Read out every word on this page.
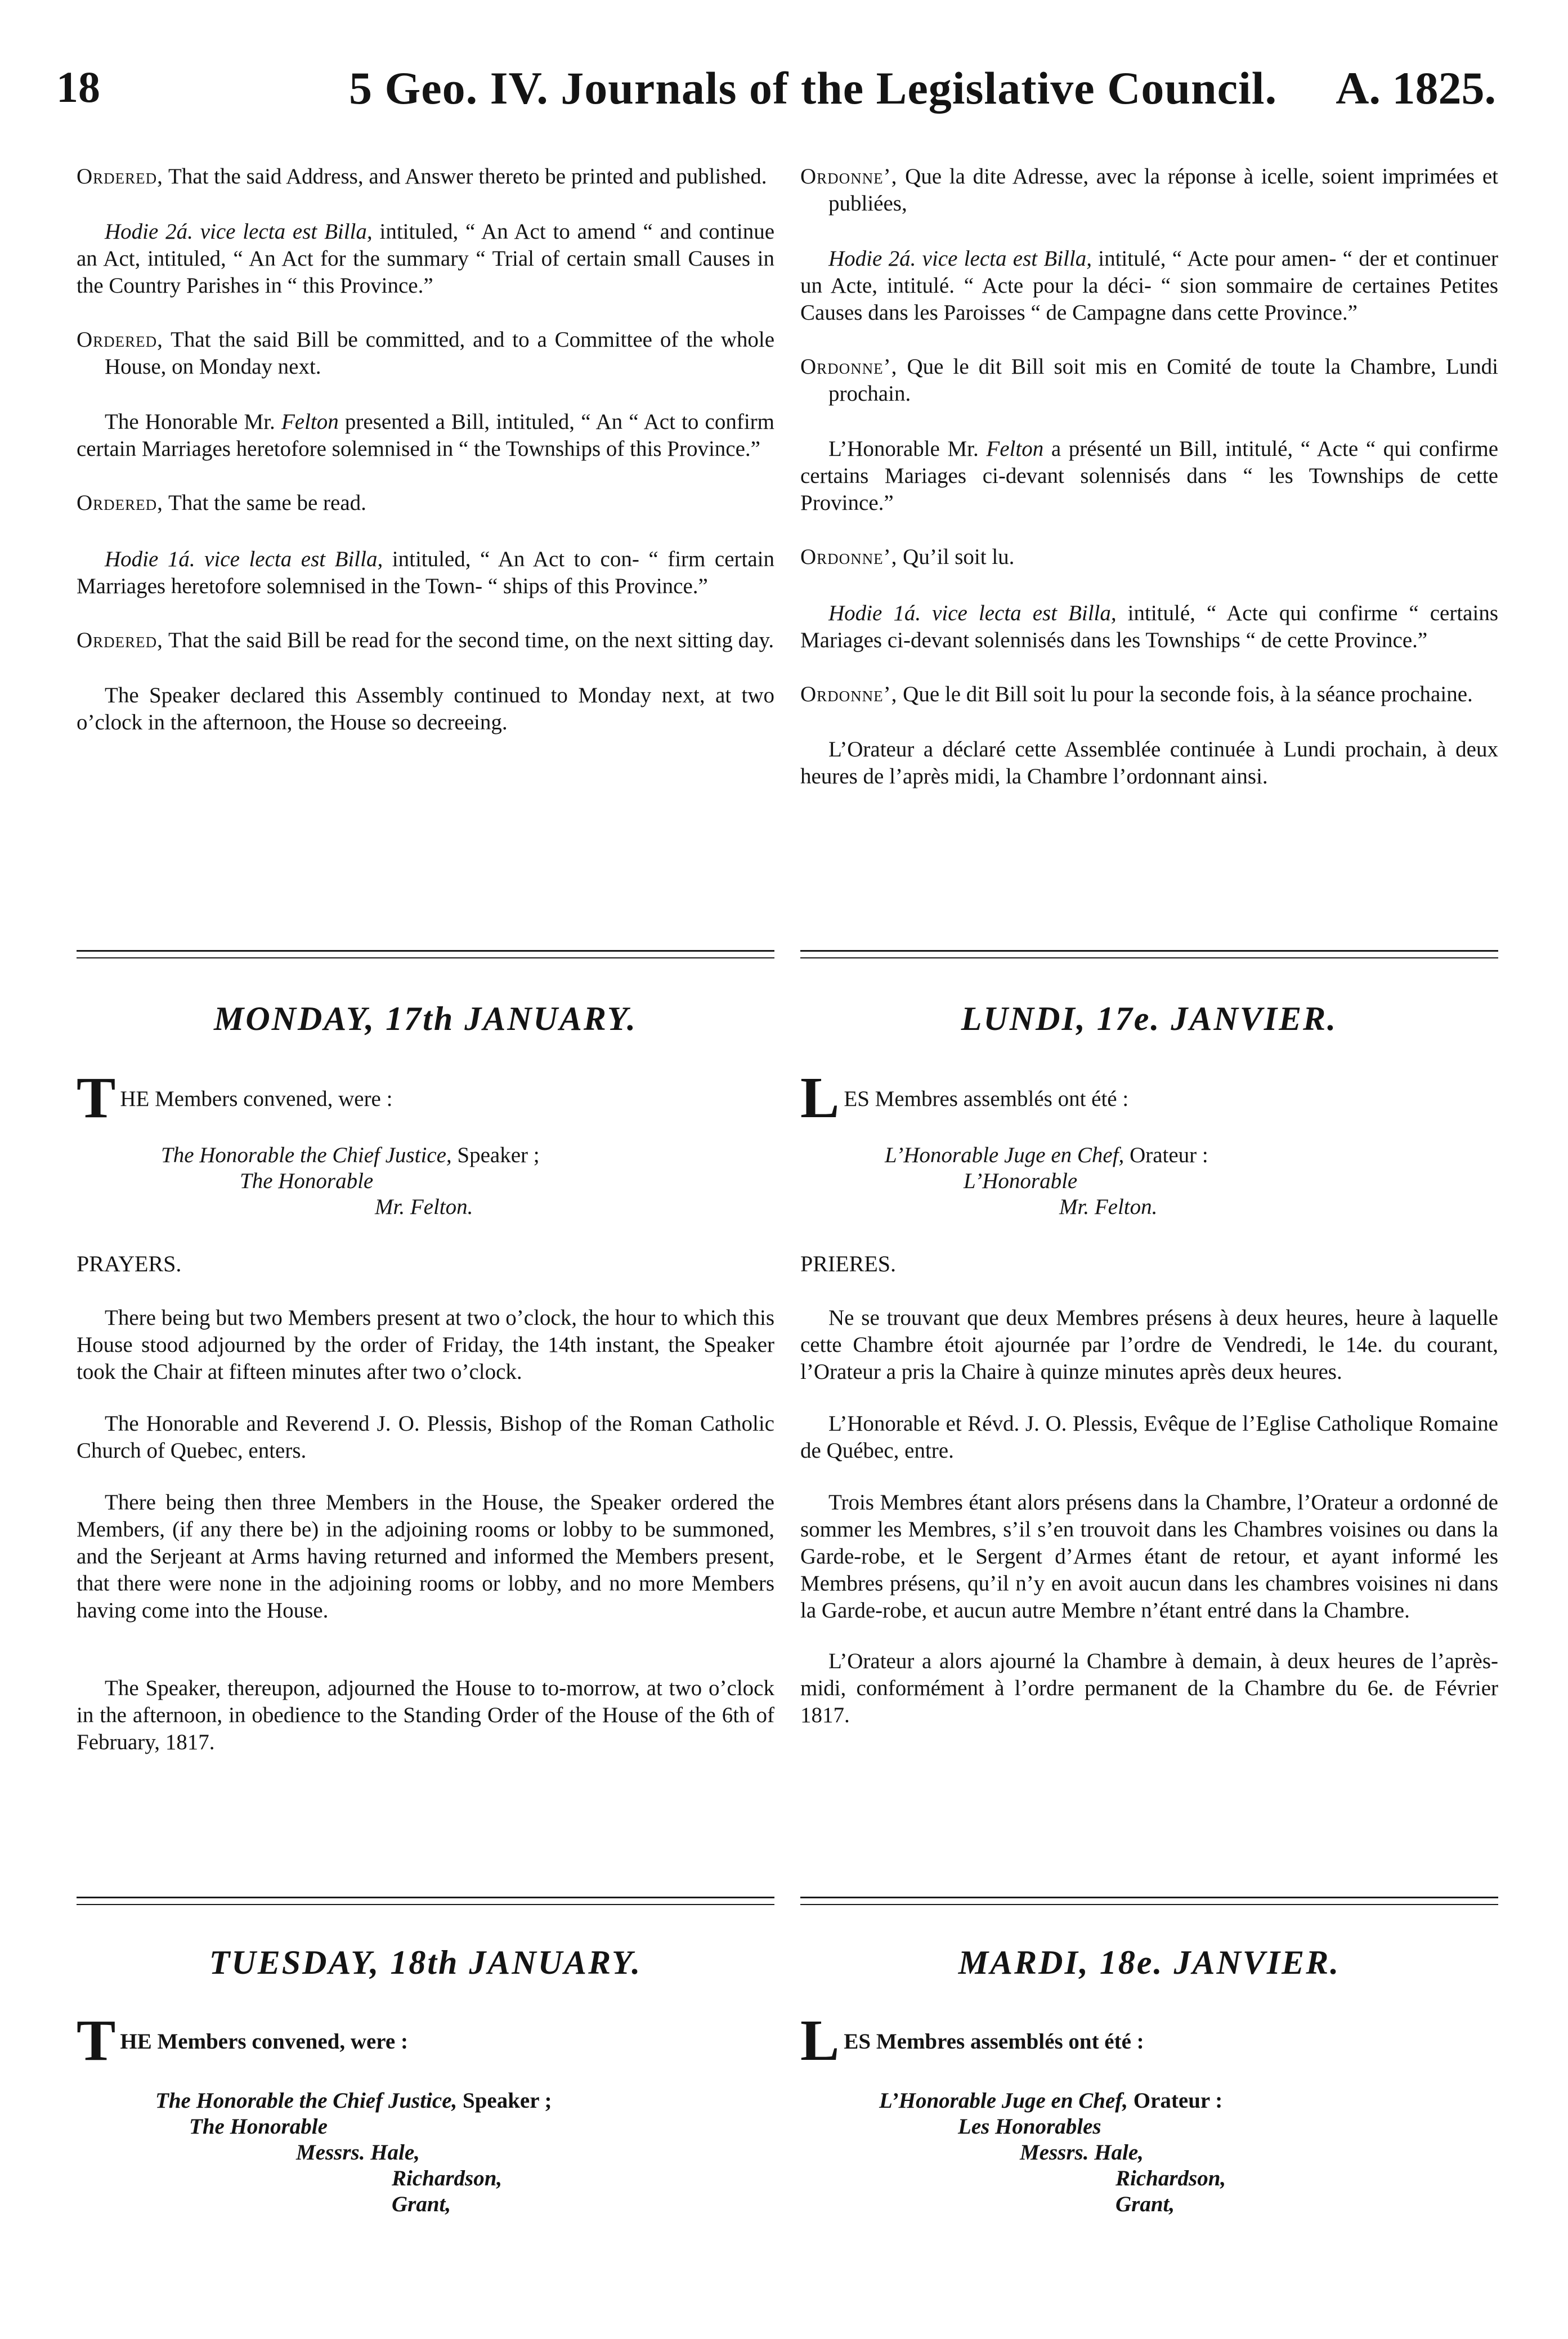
18	5 Geo. IV. Journals of the Legislative Council. A. 1825.

Ordered, That the said Address, and Answer thereto be printed and published.

Hodie 2á. vice lecta est Billa, intituled, “ An Act to amend “ and continue an Act, intituled, “ An Act for the summary “ Trial of certain small Causes in the Country Parishes in “ this Province.”

Ordered, That the said Bill be committed, and to a Committee of the whole House, on Monday next.

The Honorable Mr. Felton presented a Bill, intituled, “ An “ Act to confirm certain Marriages heretofore solemnised in “ the Townships of this Province.”

Ordered, That the same be read.

Hodie 1á. vice lecta est Billa, intituled, “ An Act to con- “ firm certain Marriages heretofore solemnised in the Town- “ ships of this Province.”

Ordered, That the said Bill be read for the second time, on the next sitting day.

The Speaker declared this Assembly continued to Monday next, at two o’clock in the afternoon, the House so decreeing.

Ordonne’, Que la dite Adresse, avec la réponse à icelle, soient imprimées et publiées,

Hodie 2á. vice lecta est Billa, intitulé, “ Acte pour amen- “ der et continuer un Acte, intitulé. “ Acte pour la déci- “ sion sommaire de certaines Petites Causes dans les Paroisses “ de Campagne dans cette Province.”

Ordonne’, Que le dit Bill soit mis en Comité de toute la Chambre, Lundi prochain.

L’Honorable Mr. Felton a présenté un Bill, intitulé, “ Acte “ qui confirme certains Mariages ci-devant solennisés dans “ les Townships de cette Province.”

Ordonne’, Qu’il soit lu.

Hodie 1á. vice lecta est Billa, intitulé, “ Acte qui confirme “ certains Mariages ci-devant solennisés dans les Townships “ de cette Province.”

Ordonne’, Que le dit Bill soit lu pour la seconde fois, à la séance prochaine.

L’Orateur a déclaré cette Assemblée continuée à Lundi prochain, à deux heures de l’après midi, la Chambre l’ordonnant ainsi.

MONDAY, 17th JANUARY.	LUNDI, 17e. JANVIER.
T HE Members convened, were :	L ES Membres assemblés ont été :
The Honorable the Chief Justice, Speaker ;
The Honorable
Mr. Felton.
L’Honorable Juge en Chef, Orateur :
L’Honorable
Mr. Felton.
PRAYERS.	PRIERES.

There being but two Members present at two o’clock, the hour to which this House stood adjourned by the order of Friday, the 14th instant, the Speaker took the Chair at fifteen minutes after two o’clock.

The Honorable and Reverend J. O. Plessis, Bishop of the Roman Catholic Church of Quebec, enters.

There being then three Members in the House, the Speaker ordered the Members, (if any there be) in the adjoining rooms or lobby to be summoned, and the Serjeant at Arms having returned and informed the Members present, that there were none in the adjoining rooms or lobby, and no more Members having come into the House.

The Speaker, thereupon, adjourned the House to to-morrow, at two o’clock in the afternoon, in obedience to the Standing Order of the House of the 6th of February, 1817.

Ne se trouvant que deux Membres présens à deux heures, heure à laquelle cette Chambre étoit ajournée par l’ordre de Vendredi, le 14e. du courant, l’Orateur a pris la Chaire à quinze minutes après deux heures.

L’Honorable et Révd. J. O. Plessis, Evêque de l’Eglise Catholique Romaine de Québec, entre.

Trois Membres étant alors présens dans la Chambre, l’Orateur a ordonné de sommer les Membres, s’il s’en trouvoit dans les Chambres voisines ou dans la Garde-robe, et le Sergent d’Armes étant de retour, et ayant informé les Membres présens, qu’il n’y en avoit aucun dans les chambres voisines ni dans la Garde-robe, et aucun autre Membre n’étant entré dans la Chambre.

L’Orateur a alors ajourné la Chambre à demain, à deux heures de l’après-midi, conformément à l’ordre permanent de la Chambre du 6e. de Février 1817.

TUESDAY, 18th JANUARY.	MARDI, 18e. JANVIER.
T HE Members convened, were :	L ES Membres assemblés ont été :
The Honorable the Chief Justice, Speaker ;
The Honorable
Messrs. Hale,
Richardson,
Grant,
L’Honorable Juge en Chef, Orateur :
Les Honorables
Messrs. Hale,
Richardson,
Grant,
